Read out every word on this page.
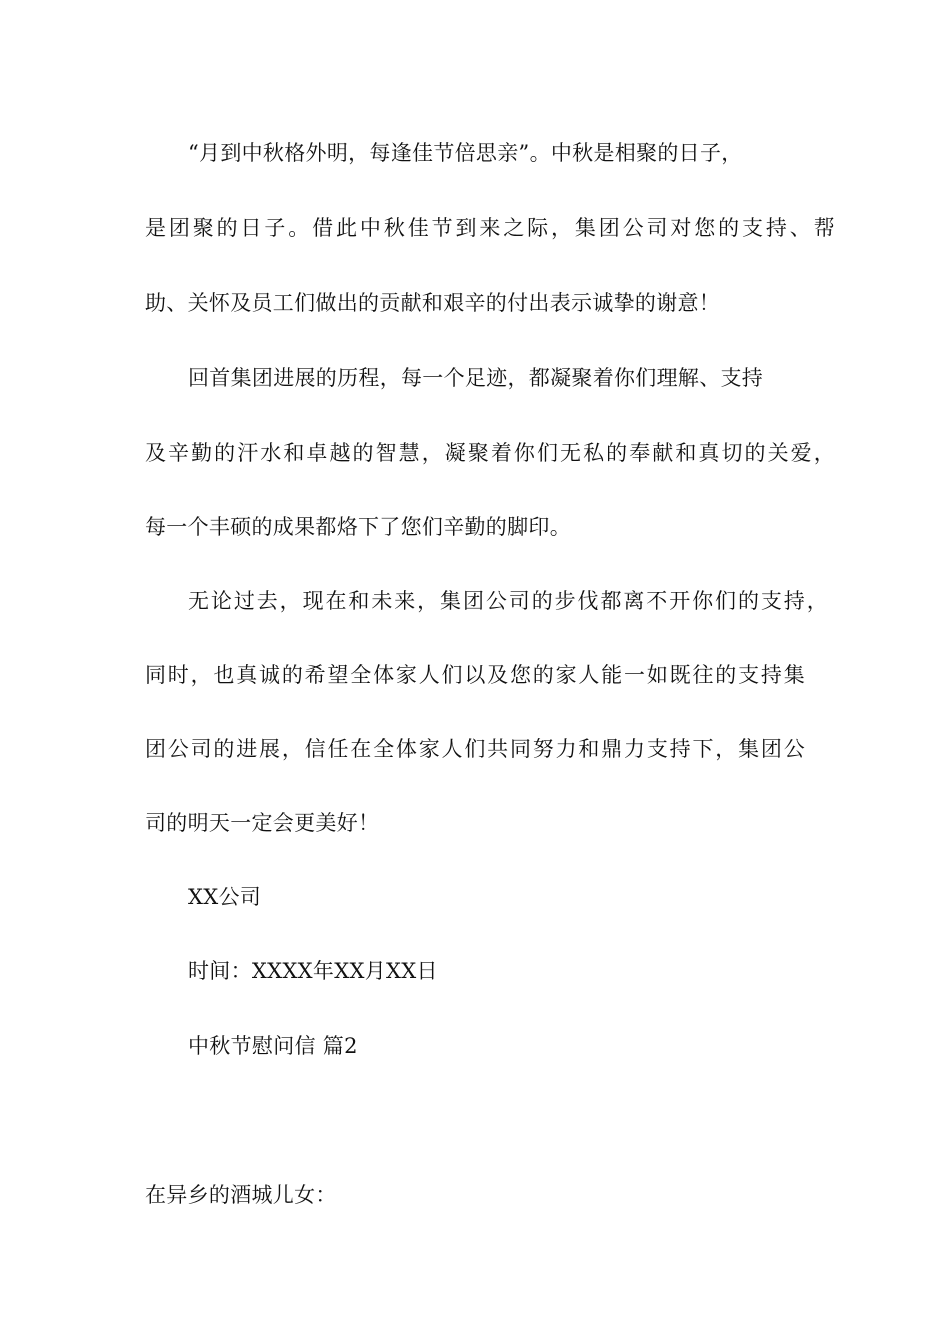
“月到中秋格外明，每逢佳节倍思亲”。中秋是相聚的日子，
是团聚的日子。借此中秋佳节到来之际，集团公司对您的支持、帮
助、关怀及员工们做出的贡献和艰辛的付出表示诚挚的谢意！
回首集团进展的历程，每一个足迹，都凝聚着你们理解、支持
及辛勤的汗水和卓越的智慧，凝聚着你们无私的奉献和真切的关爱，
每一个丰硕的成果都烙下了您们辛勤的脚印。
无论过去，现在和未来，集团公司的步伐都离不开你们的支持，
同时，也真诚的希望全体家人们以及您的家人能一如既往的支持集
团公司的进展，信任在全体家人们共同努力和鼎力支持下，集团公
司的明天一定会更美好！
XX公司
时间：XXXX年XX月XX日
中秋节慰问信 篇2
在异乡的酒城儿女：
